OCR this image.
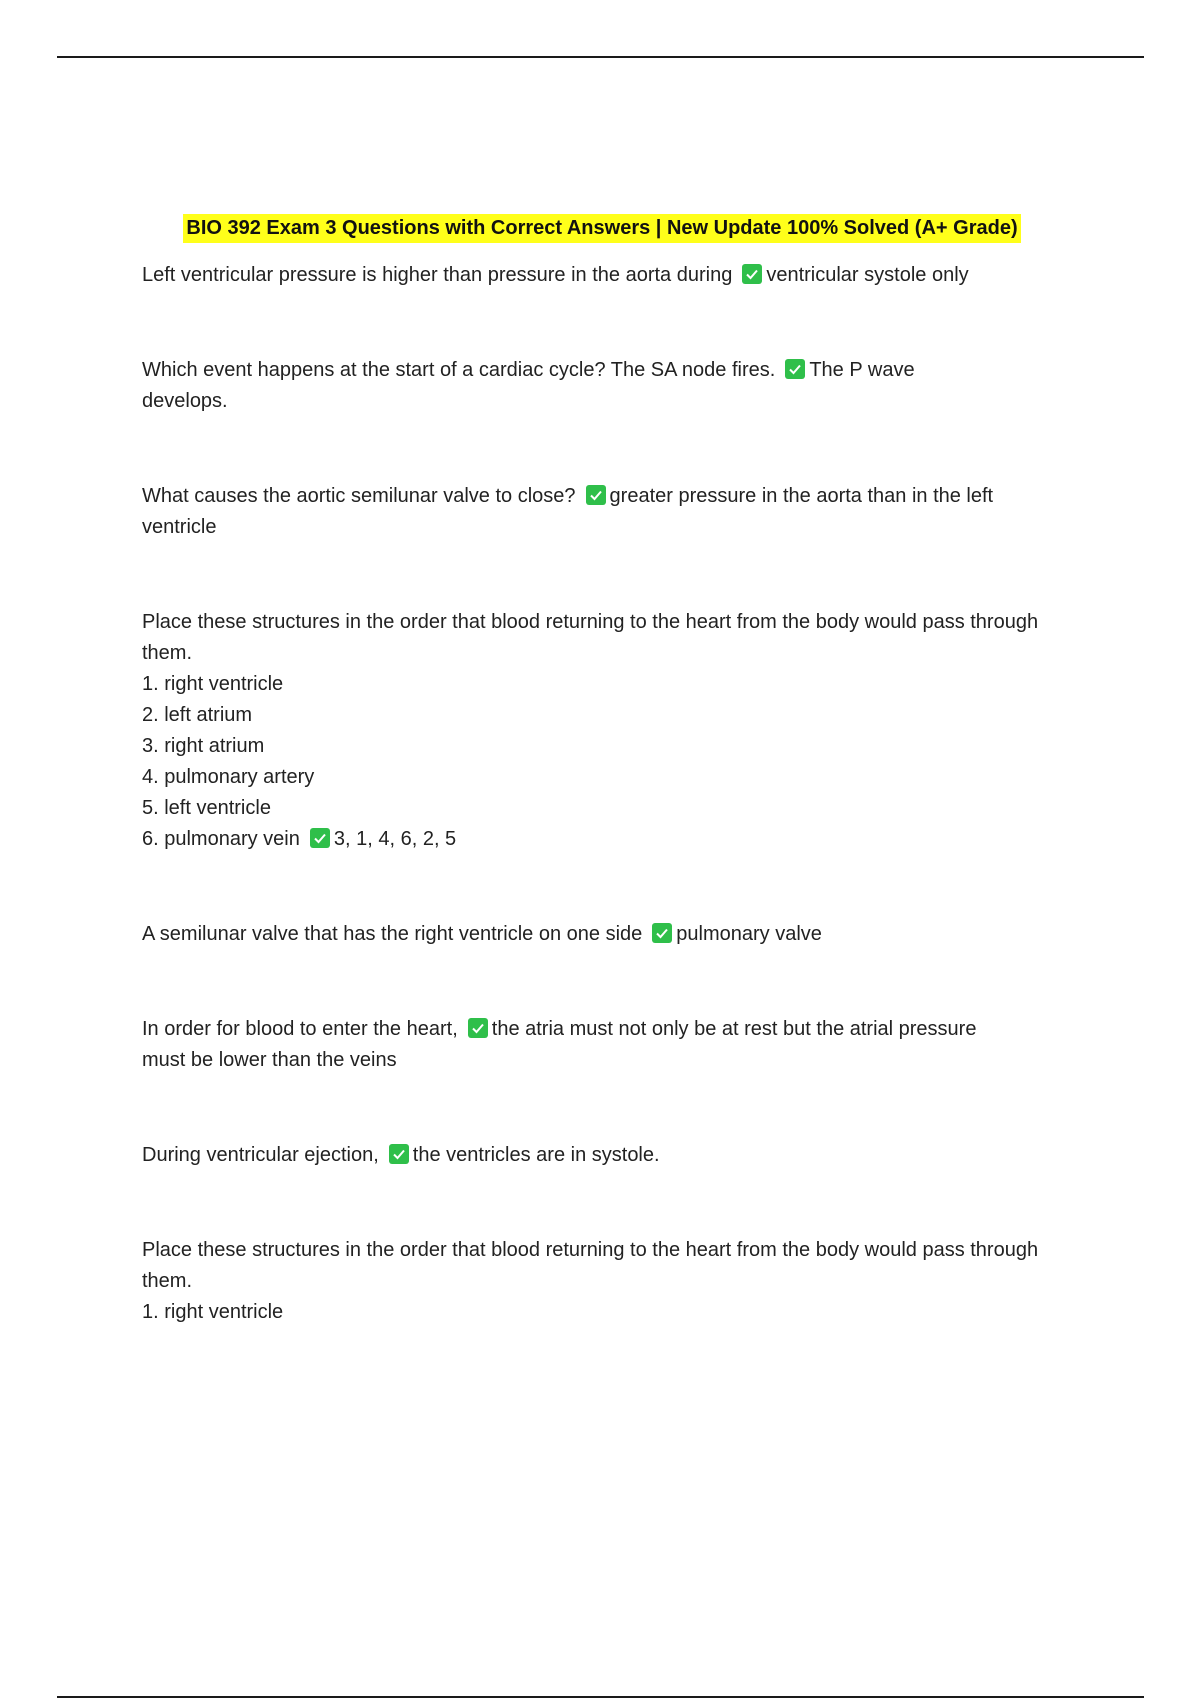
BIO 392 Exam 3 Questions with Correct Answers | New Update 100% Solved (A+ Grade)

Left ventricular pressure is higher than pressure in the aorta during ventricular systole only

Which event happens at the start of a cardiac cycle? The SA node fires. The P wave develops.

What causes the aortic semilunar valve to close? greater pressure in the aorta than in the left ventricle

Place these structures in the order that blood returning to the heart from the body would pass through them.

1. right ventricle

2. left atrium

3. right atrium

4. pulmonary artery

5. left ventricle

6. pulmonary vein 3, 1, 4, 6, 2, 5

A semilunar valve that has the right ventricle on one side pulmonary valve

In order for blood to enter the heart, the atria must not only be at rest but the atrial pressure must be lower than the veins

During ventricular ejection, the ventricles are in systole.

Place these structures in the order that blood returning to the heart from the body would pass through them.

1. right ventricle
